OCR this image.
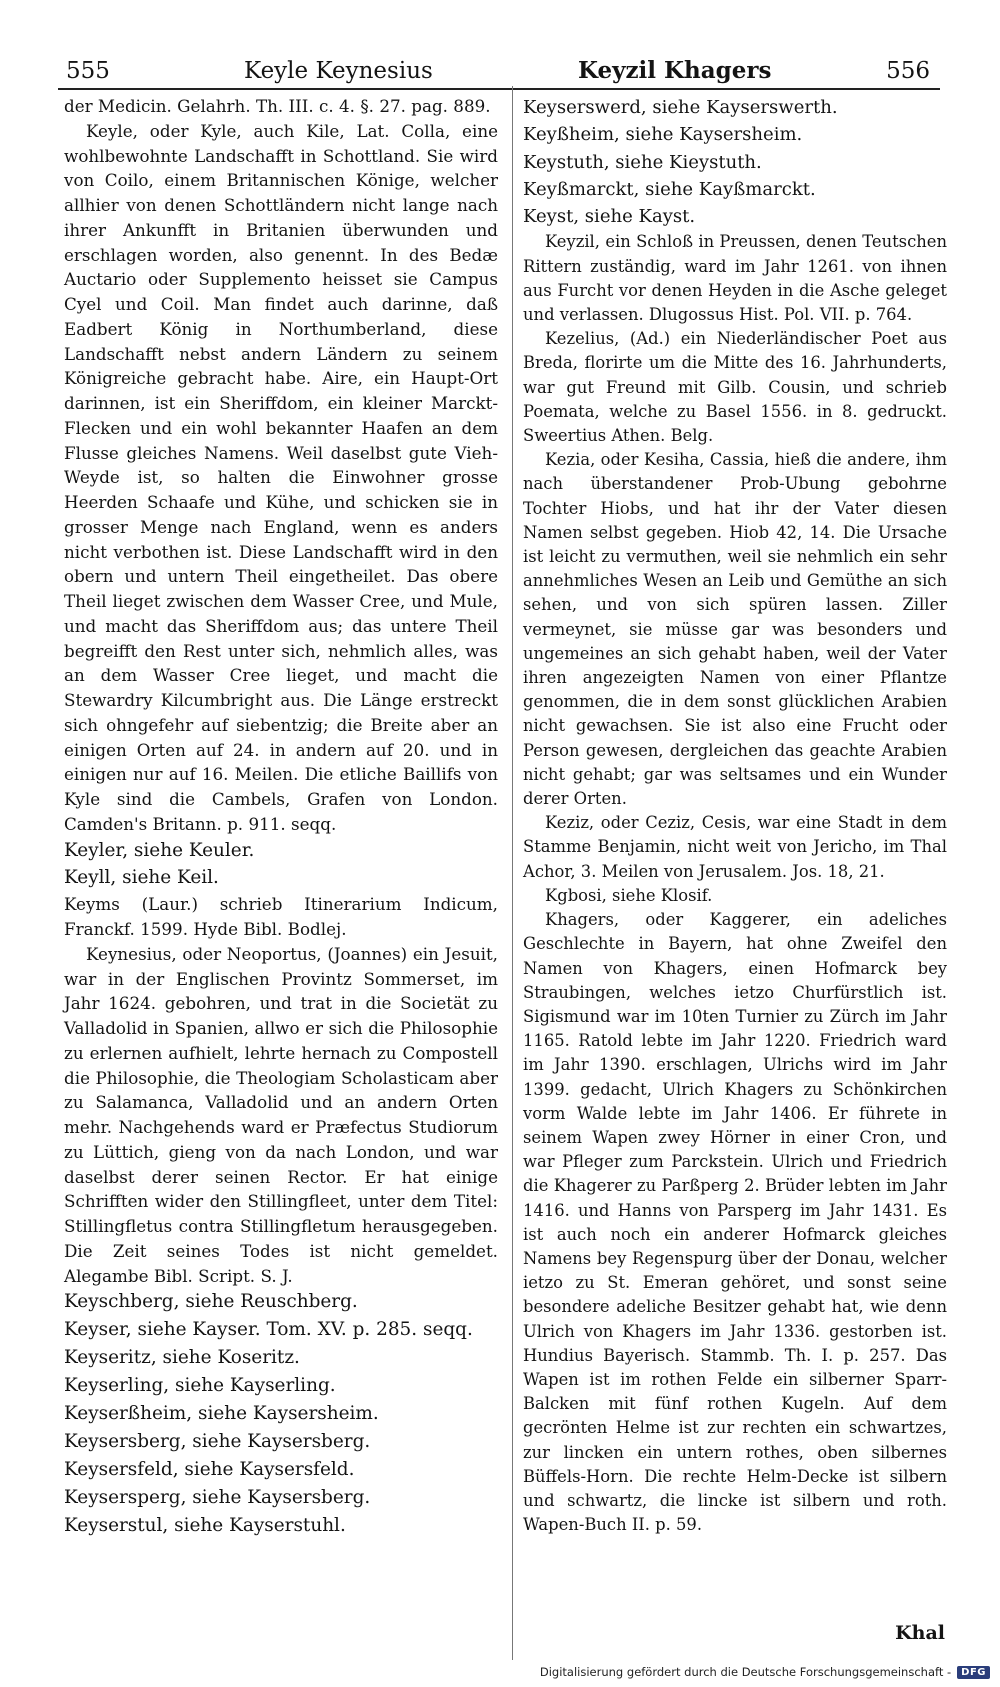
555	Keyle Keynesius	Keyzil Khagers	556

der Medicin. Gelahrh. Th. III. c. 4. §. 27. pag. 889.

Keyle, oder Kyle, auch Kile, Lat. Colla, eine wohlbewohnte Landschafft in Schottland. Sie wird von Coilo, einem Britannischen Könige, welcher allhier von denen Schottländern nicht lange nach ihrer Ankunfft in Britanien überwunden und erschlagen worden, also genennt. In des Bedæ Auctario oder Supplemento heisset sie Campus Cyel und Coil. Man findet auch darinne, daß Eadbert König in Northumberland, diese Landschafft nebst andern Ländern zu seinem Königreiche gebracht habe. Aire, ein Haupt-Ort darinnen, ist ein Sheriffdom, ein kleiner Marckt-Flecken und ein wohl bekannter Haafen an dem Flusse gleiches Namens. Weil daselbst gute Vieh-Weyde ist, so halten die Einwohner grosse Heerden Schaafe und Kühe, und schicken sie in grosser Menge nach England, wenn es anders nicht verbothen ist. Diese Landschafft wird in den obern und untern Theil eingetheilet. Das obere Theil lieget zwischen dem Wasser Cree, und Mule, und macht das Sheriffdom aus; das untere Theil begreifft den Rest unter sich, nehmlich alles, was an dem Wasser Cree lieget, und macht die Stewardry Kilcumbright aus. Die Länge erstreckt sich ohngefehr auf siebentzig; die Breite aber an einigen Orten auf 24. in andern auf 20. und in einigen nur auf 16. Meilen. Die etliche Baillifs von Kyle sind die Cambels, Grafen von London. Camden's Britann. p. 911. seqq.

Keyler, siehe Keuler.

Keyll, siehe Keil.

Keyms (Laur.) schrieb Itinerarium Indicum, Franckf. 1599. Hyde Bibl. Bodlej.

Keynesius, oder Neoportus, (Joannes) ein Jesuit, war in der Englischen Provintz Sommerset, im Jahr 1624. gebohren, und trat in die Societät zu Valladolid in Spanien, allwo er sich die Philosophie zu erlernen aufhielt, lehrte hernach zu Compostell die Philosophie, die Theologiam Scholasticam aber zu Salamanca, Valladolid und an andern Orten mehr. Nachgehends ward er Præfectus Studiorum zu Lüttich, gieng von da nach London, und war daselbst derer seinen Rector. Er hat einige Schrifften wider den Stillingfleet, unter dem Titel: Stillingfletus contra Stillingfletum herausgegeben. Die Zeit seines Todes ist nicht gemeldet. Alegambe Bibl. Script. S. J.

Keyschberg, siehe Reuschberg.

Keyser, siehe Kayser. Tom. XV. p. 285. seqq.

Keyseritz, siehe Koseritz.

Keyserling, siehe Kayserling.

Keyserßheim, siehe Kaysersheim.

Keysersberg, siehe Kaysersberg.

Keysersfeld, siehe Kaysersfeld.

Keysersperg, siehe Kaysersberg.

Keyserstul, siehe Kayserstuhl.

Keyserswerd, siehe Kayserswerth.

Keyßheim, siehe Kaysersheim.

Keystuth, siehe Kieystuth.

Keyßmarckt, siehe Kayßmarckt.

Keyst, siehe Kayst.

Keyzil, ein Schloß in Preussen, denen Teutschen Rittern zuständig, ward im Jahr 1261. von ihnen aus Furcht vor denen Heyden in die Asche geleget und verlassen. Dlugossus Hist. Pol. VII. p. 764.

Kezelius, (Ad.) ein Niederländischer Poet aus Breda, florirte um die Mitte des 16. Jahrhunderts, war gut Freund mit Gilb. Cousin, und schrieb Poemata, welche zu Basel 1556. in 8. gedruckt. Sweertius Athen. Belg.

Kezia, oder Kesiha, Cassia, hieß die andere, ihm nach überstandener Prob-Ubung gebohrne Tochter Hiobs, und hat ihr der Vater diesen Namen selbst gegeben. Hiob 42, 14. Die Ursache ist leicht zu vermuthen, weil sie nehmlich ein sehr annehmliches Wesen an Leib und Gemüthe an sich sehen, und von sich spüren lassen. Ziller vermeynet, sie müsse gar was besonders und ungemeines an sich gehabt haben, weil der Vater ihren angezeigten Namen von einer Pflantze genommen, die in dem sonst glücklichen Arabien nicht gewachsen. Sie ist also eine Frucht oder Person gewesen, dergleichen das geachte Arabien nicht gehabt; gar was seltsames und ein Wunder derer Orten.

Keziz, oder Ceziz, Cesis, war eine Stadt in dem Stamme Benjamin, nicht weit von Jericho, im Thal Achor, 3. Meilen von Jerusalem. Jos. 18, 21.

Kgbosi, siehe Klosif.

Khagers, oder Kaggerer, ein adeliches Geschlechte in Bayern, hat ohne Zweifel den Namen von Khagers, einen Hofmarck bey Straubingen, welches ietzo Churfürstlich ist. Sigismund war im 10ten Turnier zu Zürch im Jahr 1165. Ratold lebte im Jahr 1220. Friedrich ward im Jahr 1390. erschlagen, Ulrichs wird im Jahr 1399. gedacht, Ulrich Khagers zu Schönkirchen vorm Walde lebte im Jahr 1406. Er führete in seinem Wapen zwey Hörner in einer Cron, und war Pfleger zum Parckstein. Ulrich und Friedrich die Khagerer zu Parßperg 2. Brüder lebten im Jahr 1416. und Hanns von Parsperg im Jahr 1431. Es ist auch noch ein anderer Hofmarck gleiches Namens bey Regenspurg über der Donau, welcher ietzo zu St. Emeran gehöret, und sonst seine besondere adeliche Besitzer gehabt hat, wie denn Ulrich von Khagers im Jahr 1336. gestorben ist. Hundius Bayerisch. Stammb. Th. I. p. 257. Das Wapen ist im rothen Felde ein silberner Sparr-Balcken mit fünf rothen Kugeln. Auf dem gecrönten Helme ist zur rechten ein schwartzes, zur lincken ein untern rothes, oben silbernes Büffels-Horn. Die rechte Helm-Decke ist silbern und schwartz, die lincke ist silbern und roth. Wapen-Buch II. p. 59.

Khal
Digitalisierung gefördert durch die Deutsche Forschungsgemeinschaft -	DFG
